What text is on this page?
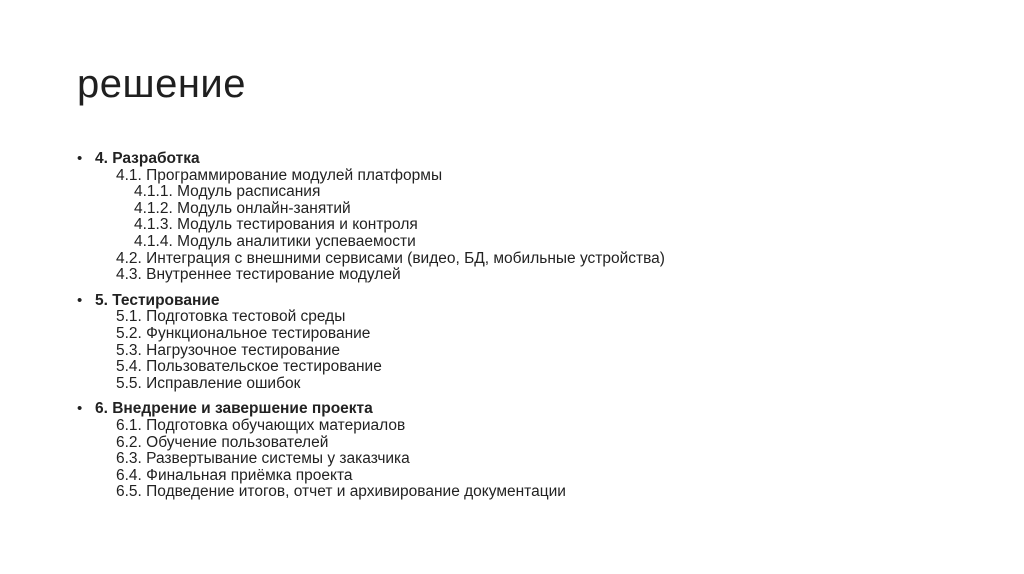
решение
• 4. Разработка
4.1. Программирование модулей платформы
4.1.1. Модуль расписания
4.1.2. Модуль онлайн-занятий
4.1.3. Модуль тестирования и контроля
4.1.4. Модуль аналитики успеваемости
4.2. Интеграция с внешними сервисами (видео, БД, мобильные устройства)
4.3. Внутреннее тестирование модулей
• 5. Тестирование
5.1. Подготовка тестовой среды
5.2. Функциональное тестирование
5.3. Нагрузочное тестирование
5.4. Пользовательское тестирование
5.5. Исправление ошибок
• 6. Внедрение и завершение проекта
6.1. Подготовка обучающих материалов
6.2. Обучение пользователей
6.3. Развертывание системы у заказчика
6.4. Финальная приёмка проекта
6.5. Подведение итогов, отчет и архивирование документации
